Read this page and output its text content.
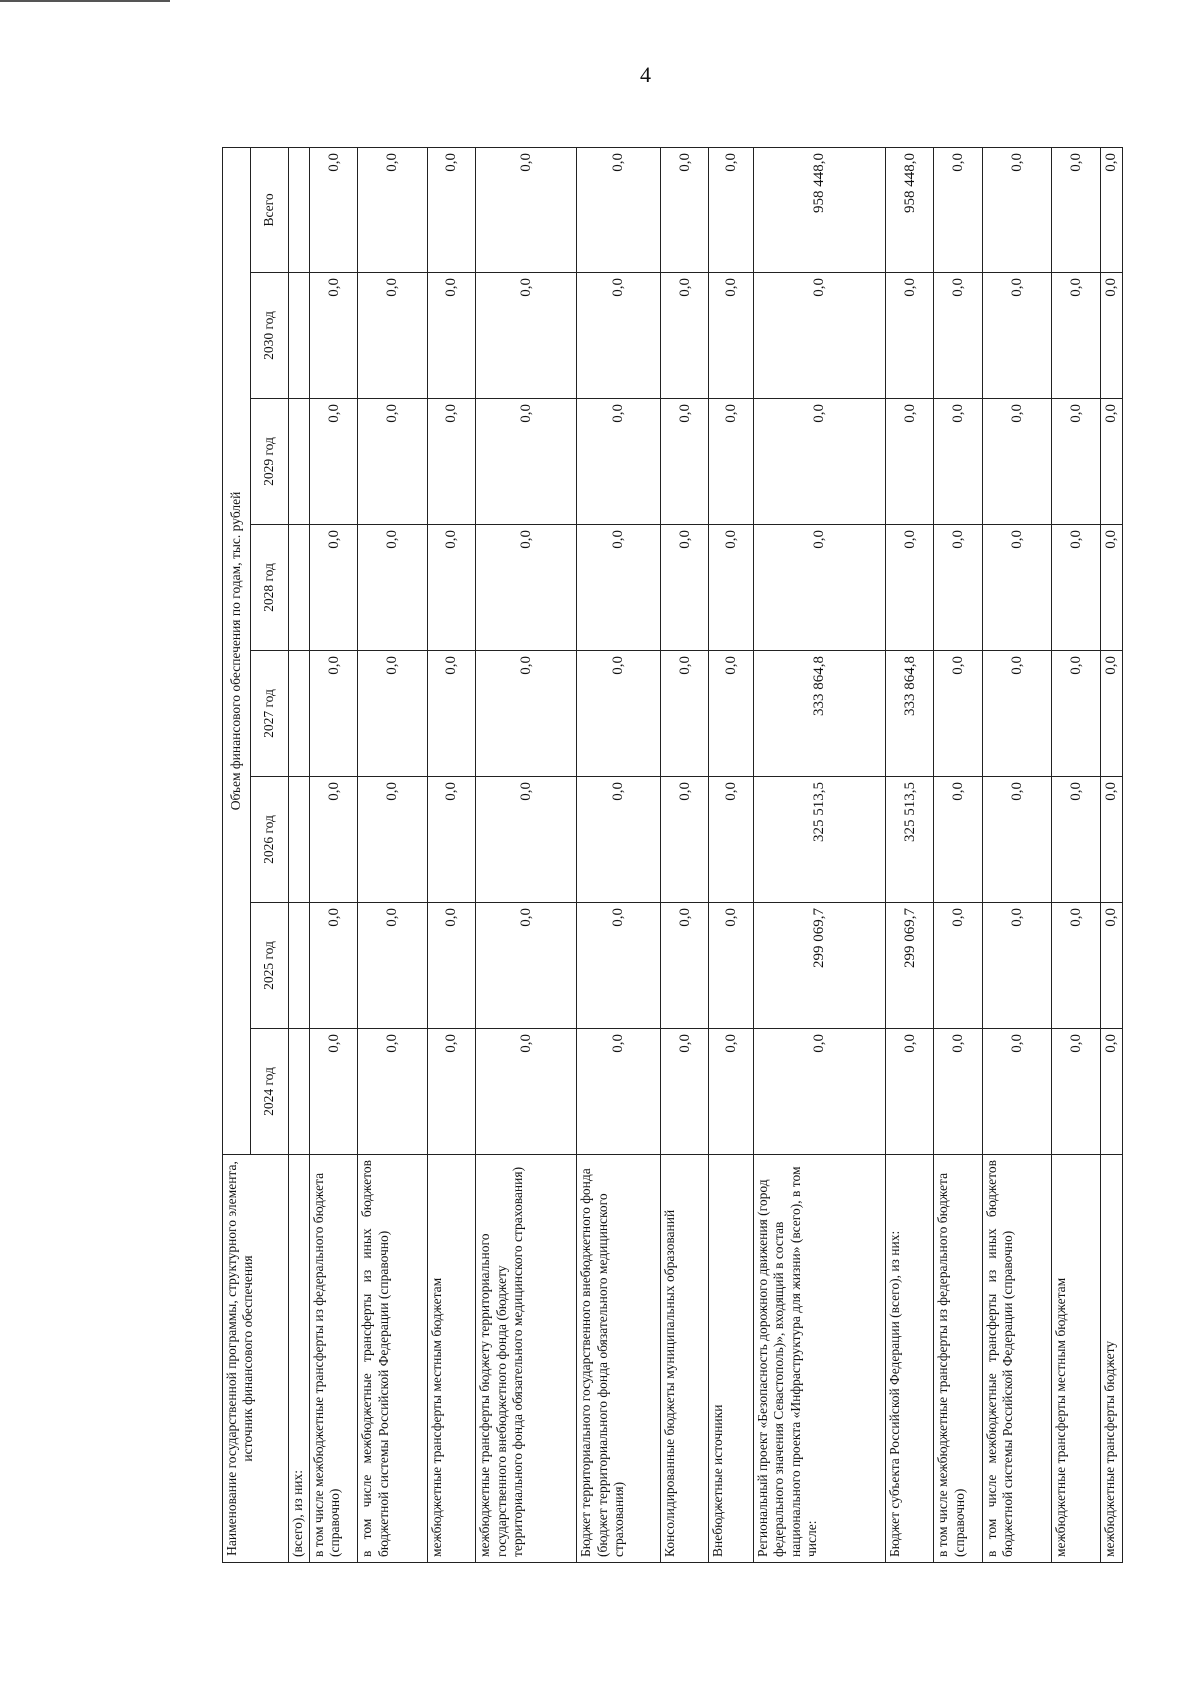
4
Наименование государственной программы, структурного элемента, источник финансового обеспечения	Объем финансового обеспечения по годам, тыс. рублей							
	2024 год	2025 год	2026 год	2027 год	2028 год	2029 год	2030 год	Всего
(всего), из них:								
в том числе межбюджетные трансферты из федерального бюджета (справочно)	0,0	0,0	0,0	0,0	0,0	0,0	0,0	0,0
в том числе межбюджетные трансферты из иных бюджетов бюджетной системы Российской Федерации (справочно)	0,0	0,0	0,0	0,0	0,0	0,0	0,0	0,0
межбюджетные трансферты местным бюджетам	0,0	0,0	0,0	0,0	0,0	0,0	0,0	0,0
межбюджетные трансферты бюджету территориального государственного внебюджетного фонда (бюджету территориального фонда обязательного медицинского страхования)	0,0	0,0	0,0	0,0	0,0	0,0	0,0	0,0
Бюджет территориального государственного внебюджетного фонда (бюджет территориального фонда обязательного медицинского страхования)	0,0	0,0	0,0	0,0	0,0	0,0	0,0	0,0
Консолидированные бюджеты муниципальных образований	0,0	0,0	0,0	0,0	0,0	0,0	0,0	0,0
Внебюджетные источники	0,0	0,0	0,0	0,0	0,0	0,0	0,0	0,0
Региональный проект «Безопасность дорожного движения (город федерального значения Севастополь)», входящий в состав национального проекта «Инфраструктура для жизни» (всего), в том числе:	0,0	299 069,7	325 513,5	333 864,8	0,0	0,0	0,0	958 448,0
Бюджет субъекта Российской Федерации (всего), из них:	0,0	299 069,7	325 513,5	333 864,8	0,0	0,0	0,0	958 448,0
в том числе межбюджетные трансферты из федерального бюджета (справочно)	0,0	0,0	0,0	0,0	0,0	0,0	0,0	0,0
в том числе межбюджетные трансферты из иных бюджетов бюджетной системы Российской Федерации (справочно)	0,0	0,0	0,0	0,0	0,0	0,0	0,0	0,0
межбюджетные трансферты местным бюджетам	0,0	0,0	0,0	0,0	0,0	0,0	0,0	0,0
межбюджетные трансферты бюджету	0,0	0,0	0,0	0,0	0,0	0,0	0,0	0,0
